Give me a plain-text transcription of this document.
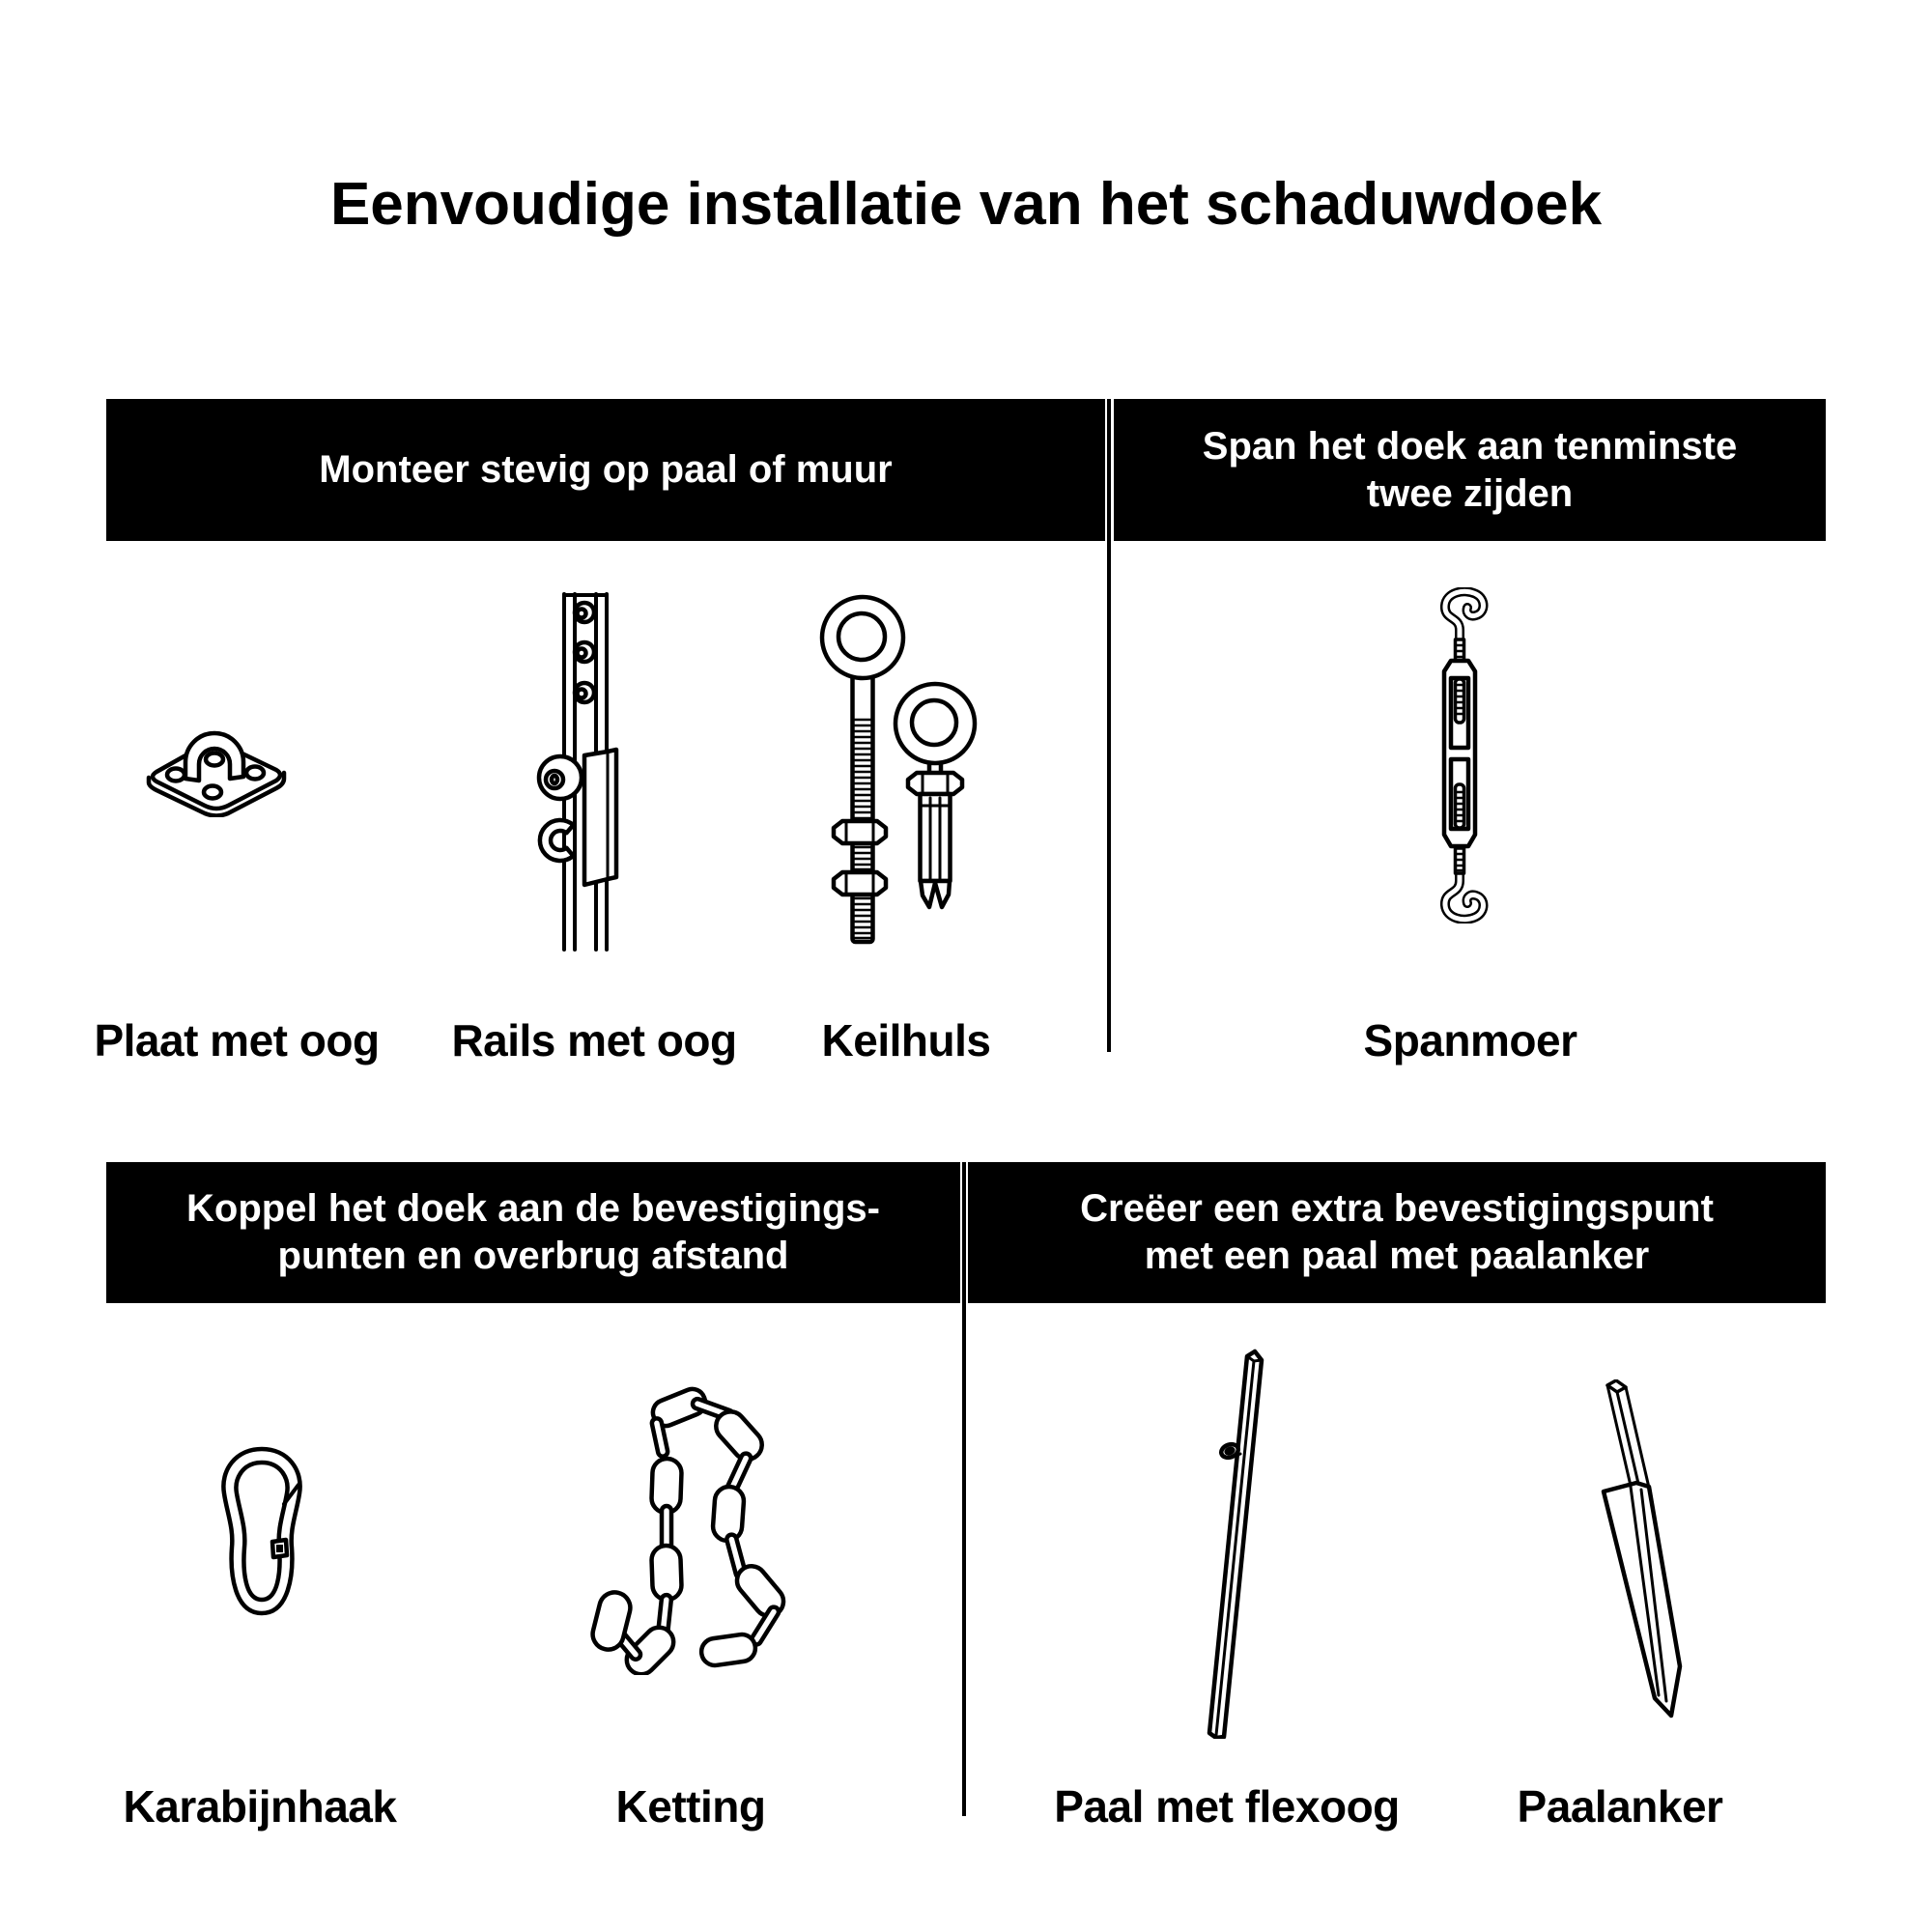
Eenvoudige installatie van het schaduwdoek
Monteer stevig op paal of muur
Span het doek aan tenminste
twee zijden
Koppel het doek aan de bevestigings-
punten en overbrug afstand
Creëer een extra bevestigingspunt
met een paal met paalanker
Plaat met oog Rails met oog Keilhuls	Spanmoer
Karabijnhaak	Ketting	Paal met flexoog	Paalanker
